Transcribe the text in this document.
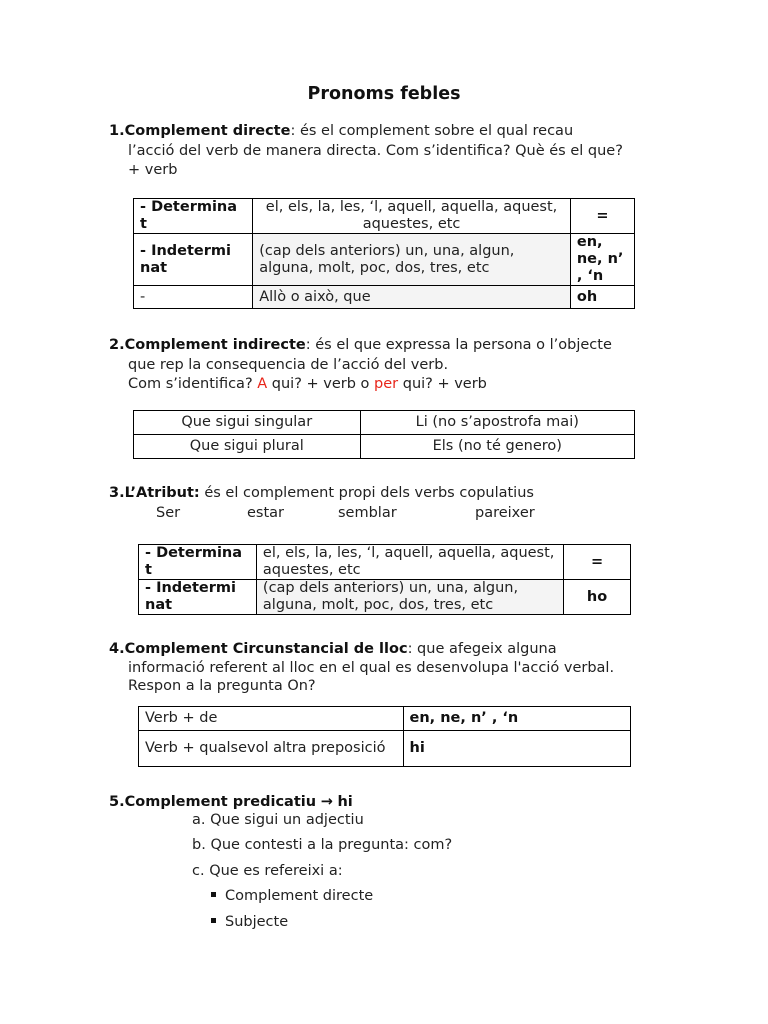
Pronoms febles
1.Complement directe: és el complement sobre el qual recau
l’acció del verb de manera directa. Com s’identifica? Què és el que?
+ verb
- Determina t	el, els, la, les, ‘l, aquell, aquella, aquest, aquestes, etc	=
- Indetermi nat	(cap dels anteriors) un, una, algun, alguna, molt, poc, dos, tres, etc	en, ne, n’ , ‘n
-	Allò o això, que	oh
2.Complement indirecte: és el que expressa la persona o l’objecte
que rep la consequencia de l’acció del verb.
Com s’identifica? A qui? + verb o per qui? + verb
Que sigui singular	Li (no s’apostrofa mai)
Que sigui plural	Els (no té genero)
3.L’Atribut: és el complement propi dels verbs copulatius
Ser	estar	semblar	pareixer
- Determina t	el, els, la, les, ‘l, aquell, aquella, aquest, aquestes, etc	=
- Indetermi nat	(cap dels anteriors) un, una, algun, alguna, molt, poc, dos, tres, etc	ho
4.Complement Circunstancial de lloc: que afegeix alguna
informació referent al lloc en el qual es desenvolupa l'acció verbal.
Respon a la pregunta On?
Verb + de	en, ne, n’ , ‘n
Verb + qualsevol altra preposició	hi
5.Complement predicatiu → hi
a. Que sigui un adjectiu
b. Que contesti a la pregunta: com?
c. Que es refereixi a:
Complement directe
Subjecte
